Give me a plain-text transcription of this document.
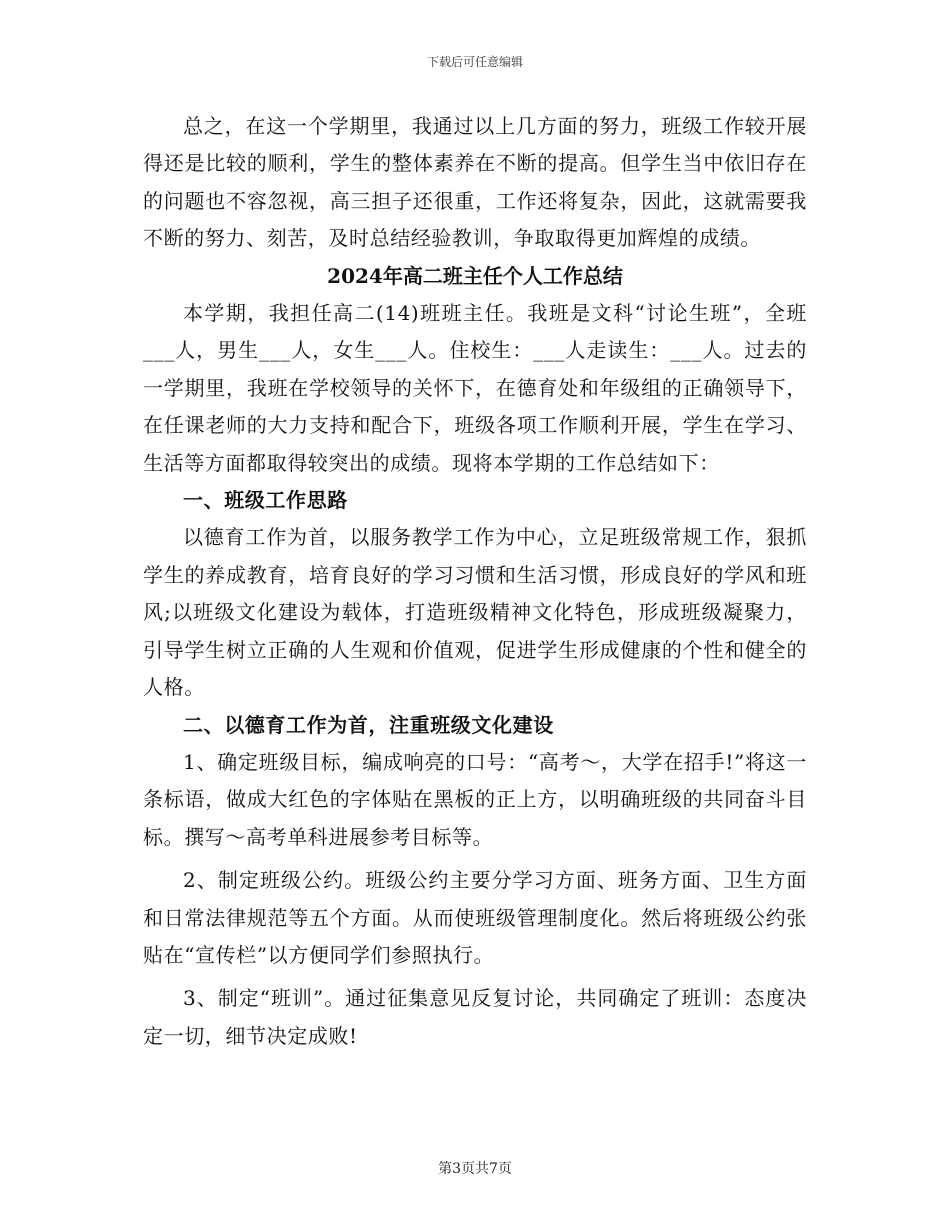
下载后可任意编辑

总之，在这一个学期里，我通过以上几方面的努力，班级工作较开展得还是比较的顺利，学生的整体素养在不断的提高。但学生当中依旧存在的问题也不容忽视，高三担子还很重，工作还将复杂，因此，这就需要我不断的努力、刻苦，及时总结经验教训，争取取得更加辉煌的成绩。

2024年高二班主任个人工作总结

本学期，我担任高二(14)班班主任。我班是文科“讨论生班”，全班___人，男生___人，女生___人。住校生：___人走读生：___人。过去的一学期里，我班在学校领导的关怀下，在德育处和年级组的正确领导下，在任课老师的大力支持和配合下，班级各项工作顺利开展，学生在学习、生活等方面都取得较突出的成绩。现将本学期的工作总结如下：

一、班级工作思路

以德育工作为首，以服务教学工作为中心，立足班级常规工作，狠抓学生的养成教育，培育良好的学习习惯和生活习惯，形成良好的学风和班风;以班级文化建设为载体，打造班级精神文化特色，形成班级凝聚力，引导学生树立正确的人生观和价值观，促进学生形成健康的个性和健全的人格。

二、以德育工作为首，注重班级文化建设

1、确定班级目标，编成响亮的口号：“高考～，大学在招手!”将这一条标语，做成大红色的字体贴在黑板的正上方，以明确班级的共同奋斗目标。撰写～高考单科进展参考目标等。

2、制定班级公约。班级公约主要分学习方面、班务方面、卫生方面和日常法律规范等五个方面。从而使班级管理制度化。然后将班级公约张贴在“宣传栏”以方便同学们参照执行。

3、制定“班训”。通过征集意见反复讨论，共同确定了班训：态度决定一切，细节决定成败!

第3页共7页
